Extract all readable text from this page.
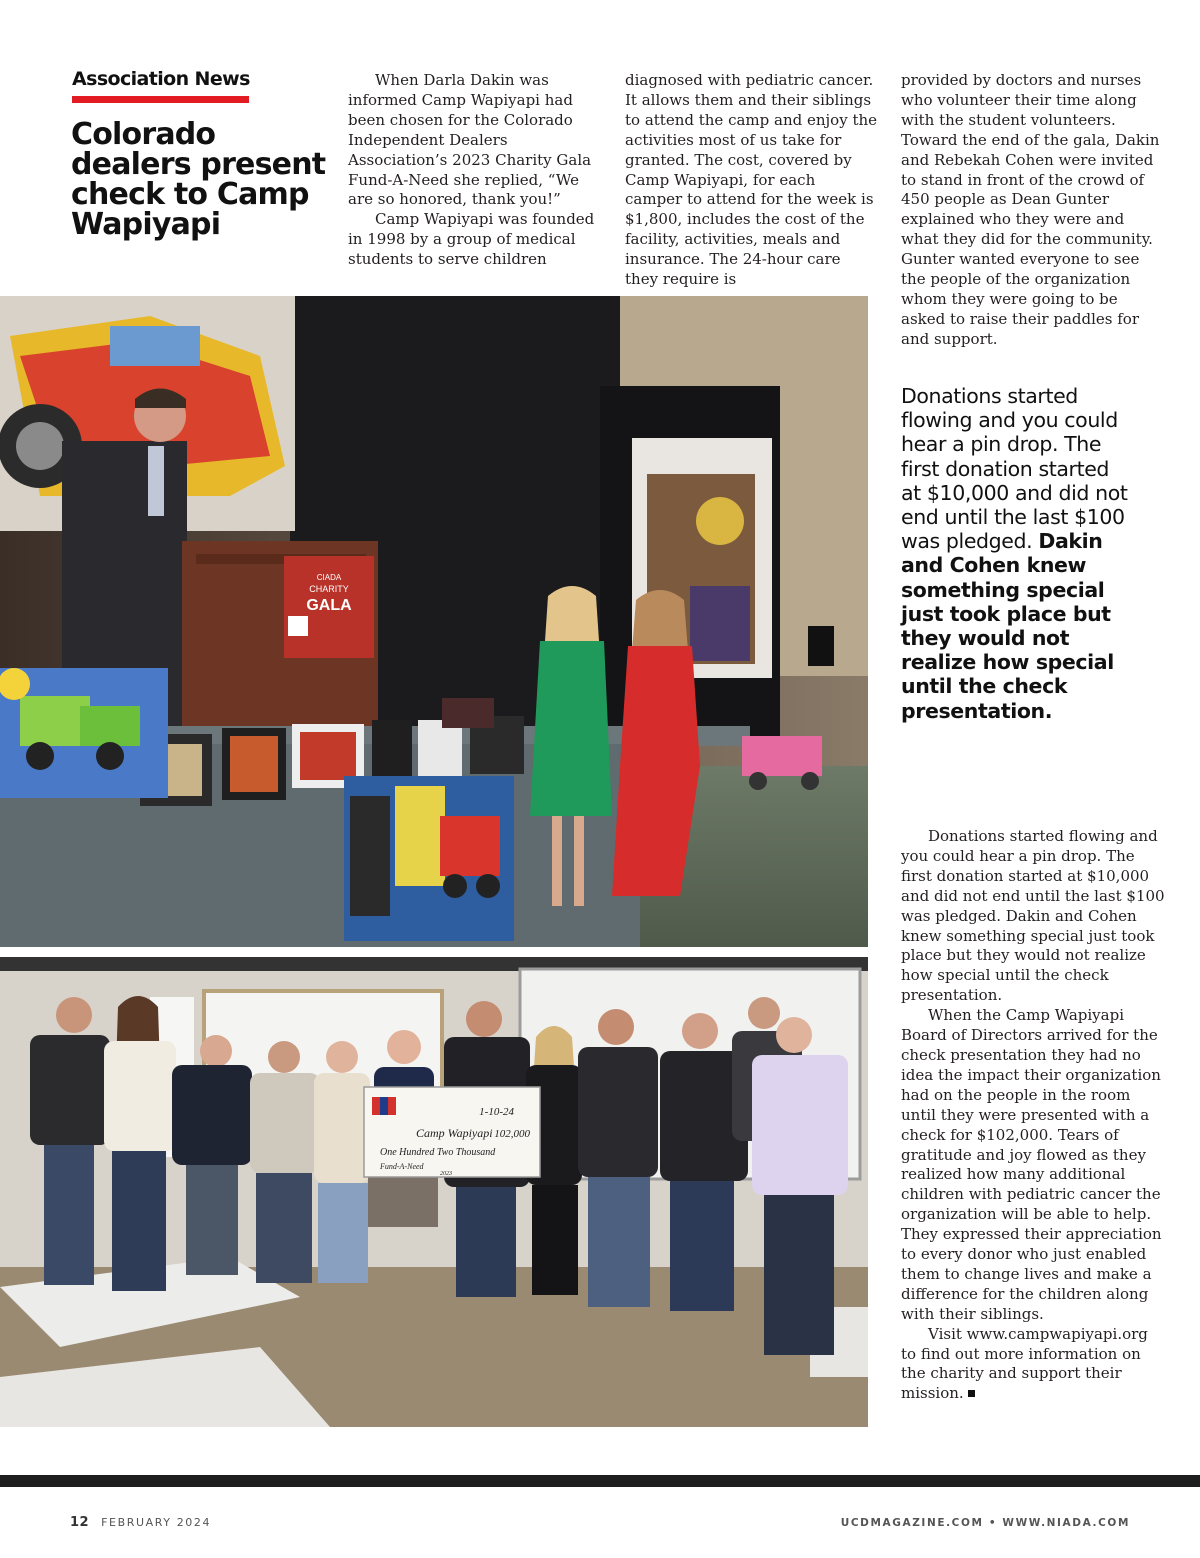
Association News
Colorado dealers present check to Camp Wapiyapi

When Darla Dakin was informed Camp Wapiyapi had been chosen for the Colorado Independent Dealers Association’s 2023 Charity Gala Fund-A-Need she replied, “We are so honored, thank you!”

Camp Wapiyapi was founded in 1998 by a group of medical students to serve children

diagnosed with pediatric cancer. It allows them and their siblings to attend the camp and enjoy the activities most of us take for granted. The cost, covered by Camp Wapiyapi, for each camper to attend for the week is $1,800, includes the cost of the facility, activities, meals and insurance. The 24-hour care they require is

provided by doctors and nurses who volunteer their time along with the student volunteers. Toward the end of the gala, Dakin and Rebekah Cohen were invited to stand in front of the crowd of 450 people as Dean Gunter explained who they were and what they did for the community. Gunter wanted everyone to see the people of the organization whom they were going to be asked to raise their paddles for and support.

Donations started flowing and you could hear a pin drop. The first donation started at $10,000 and did not end until the last $100 was pledged. Dakin and Cohen knew something special just took place but they would not realize how special until the check presentation.

Donations started flowing and you could hear a pin drop. The first donation started at $10,000 and did not end until the last $100 was pledged. Dakin and Cohen knew something special just took place but they would not realize how special until the check presentation.

When the Camp Wapiyapi Board of Directors arrived for the check presentation they had no idea the impact their organization had on the people in the room until they were presented with a check for $102,000. Tears of gratitude and joy flowed as they realized how many additional children with pediatric cancer the organization will be able to help. They expressed their appreciation to every donor who just enabled them to change lives and make a difference for the children along with their siblings.

Visit www.campwapiyapi.org to find out more information on the charity and support their mission.

CIADA
CHARITY
GALA
1-10-24
Camp Wapiyapi 102,000
One Hundred Two Thousand
Fund-A-Need
2023
12 FEBRUARY 2024	UCDMAGAZINE.COM • WWW.NIADA.COM
